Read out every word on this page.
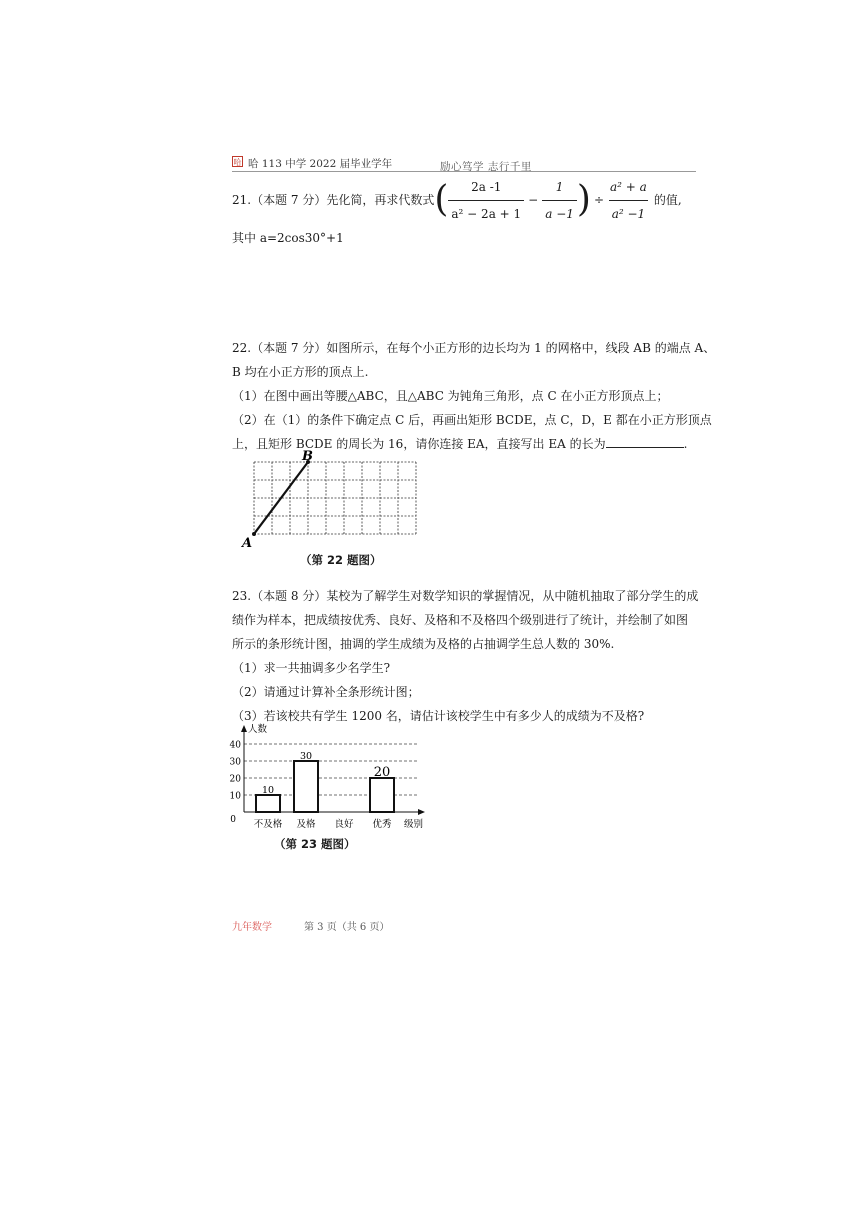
哈 哈 113 中学 2022 届毕业学年	励心笃学 志行千里
21.（本题 7 分）先化简，再求代数式 ( $\frac{2a -1}{\text{a² − 2a + 1}} - \frac{1}{a -1}$ ) ÷ $\frac{\text{a² + a}}{\text{a² −1}}$ 的值,
其中 a=2cos30°+1
22.（本题 7 分）如图所示，在每个小正方形的边长均为 1 的网格中，线段 AB 的端点 A、
B 均在小正方形的顶点上.
（1）在图中画出等腰△ABC，且△ABC 为钝角三角形，点 C 在小正方形顶点上；
（2）在（1）的条件下确定点 C 后，再画出矩形 BCDE，点 C，D，E 都在小正方形顶点
上，且矩形 BCDE 的周长为 16，请你连接 EA，直接写出 EA 的长为	.
A
B
（第 22 题图）
23.（本题 8 分）某校为了解学生对数学知识的掌握情况，从中随机抽取了部分学生的成
绩作为样本，把成绩按优秀、良好、及格和不及格四个级别进行了统计，并绘制了如图
所示的条形统计图，抽调的学生成绩为及格的占抽调学生总人数的 30%.
（1）求一共抽调多少名学生?
（2）请通过计算补全条形统计图；
（3）若该校共有学生 1200 名，请估计该校学生中有多少人的成绩为不及格?
0
10
20
30
40
人数
级别
10
不及格
30
及格 良好
20
优秀
（第 23 题图）
九年数学	第 3 页（共 6 页）
